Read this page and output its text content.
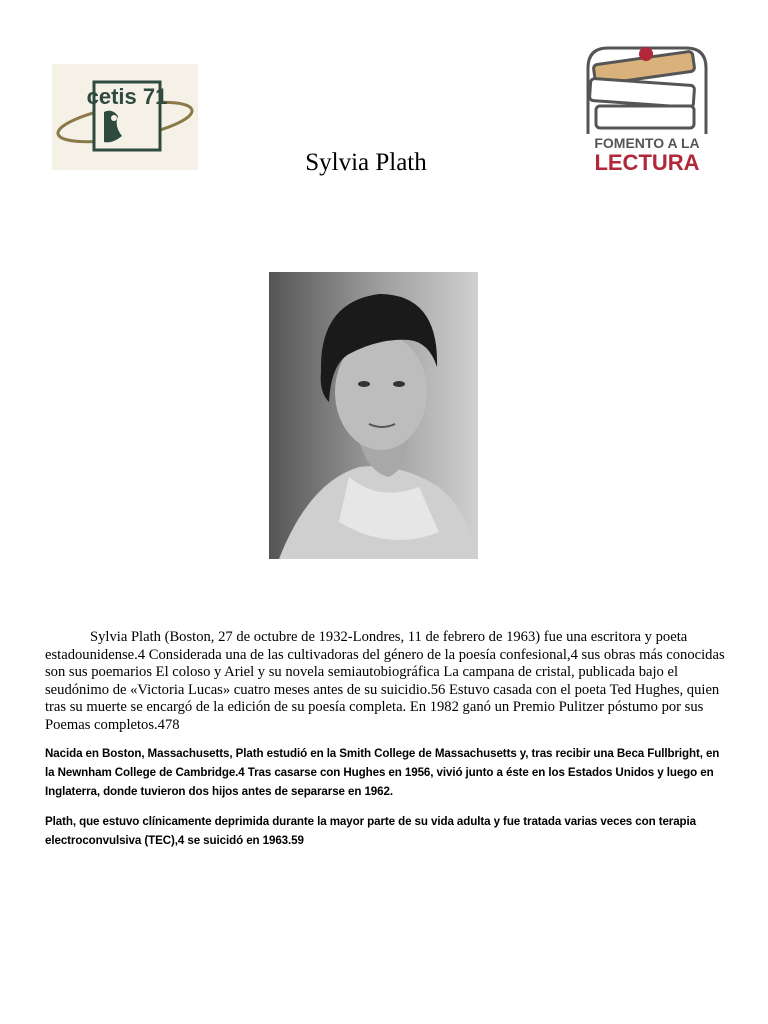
cetis 71
FOMENTO A LA
LECTURA
Sylvia Plath

Sylvia Plath (Boston, 27 de octubre de 1932-Londres, 11 de febrero de 1963) fue una escritora y poeta estadounidense.4 Considerada una de las cultivadoras del género de la poesía confesional,4 sus obras más conocidas son sus poemarios El coloso y Ariel y su novela semiautobiográfica La campana de cristal, publicada bajo el seudónimo de «Victoria Lucas» cuatro meses antes de su suicidio.56 Estuvo casada con el poeta Ted Hughes, quien tras su muerte se encargó de la edición de su poesía completa. En 1982 ganó un Premio Pulitzer póstumo por sus Poemas completos.478

Nacida en Boston, Massachusetts, Plath estudió en la Smith College de Massachusetts y, tras recibir una Beca Fullbright, en la Newnham College de Cambridge.4 Tras casarse con Hughes en 1956, vivió junto a éste en los Estados Unidos y luego en Inglaterra, donde tuvieron dos hijos antes de separarse en 1962.

Plath, que estuvo clínicamente deprimida durante la mayor parte de su vida adulta y fue tratada varias veces con terapia electroconvulsiva (TEC),4 se suicidó en 1963.59
